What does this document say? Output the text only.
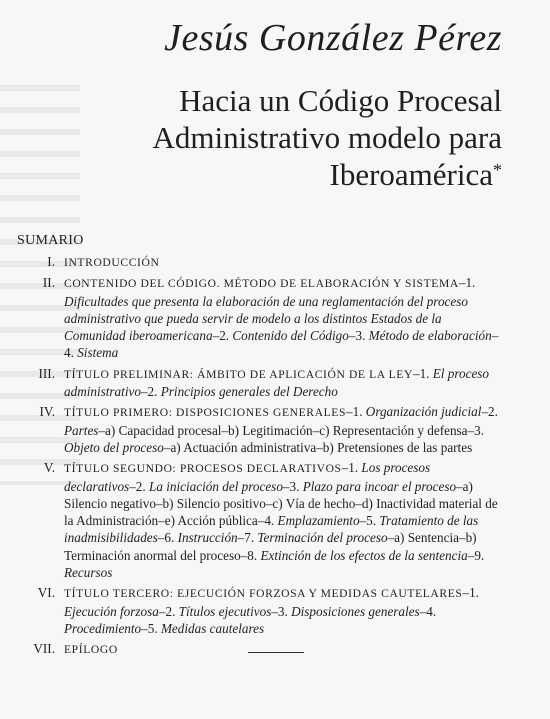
Jesús González Pérez
Hacia un Código Procesal
Administrativo modelo para
Iberoamérica*
SUMARIO
I. INTRODUCCIÓN
II. CONTENIDO DEL CÓDIGO. MÉTODO DE ELABORACIÓN Y SISTEMA–1. Dificultades que presenta la elaboración de una reglamentación del proceso administrativo que pueda servir de modelo a los distintos Estados de la Comunidad iberoamericana–2. Contenido del Código–3. Método de elaboración–4. Sistema
III. TÍTULO PRELIMINAR: ÁMBITO DE APLICACIÓN DE LA LEY–1. El proceso administrativo–2. Principios generales del Derecho
IV. TÍTULO PRIMERO: DISPOSICIONES GENERALES–1. Organización judicial–2. Partes–a) Capacidad procesal–b) Legitimación–c) Representación y defensa–3. Objeto del proceso–a) Actuación administrativa–b) Pretensiones de las partes
V. TÍTULO SEGUNDO: PROCESOS DECLARATIVOS–1. Los procesos declarativos–2. La iniciación del proceso–3. Plazo para incoar el proceso–a) Silencio negativo–b) Silencio positivo–c) Vía de hecho–d) Inactividad material de la Administración–e) Acción pública–4. Emplazamiento–5. Tratamiento de las inadmisibilidades–6. Instrucción–7. Terminación del proceso–a) Sentencia–b) Terminación anormal del proceso–8. Extinción de los efectos de la sentencia–9. Recursos
VI. TÍTULO TERCERO: EJECUCIÓN FORZOSA Y MEDIDAS CAUTELARES–1. Ejecución forzosa–2. Títulos ejecutivos–3. Disposiciones generales–4. Procedimiento–5. Medidas cautelares
VII. EPÍLOGO
